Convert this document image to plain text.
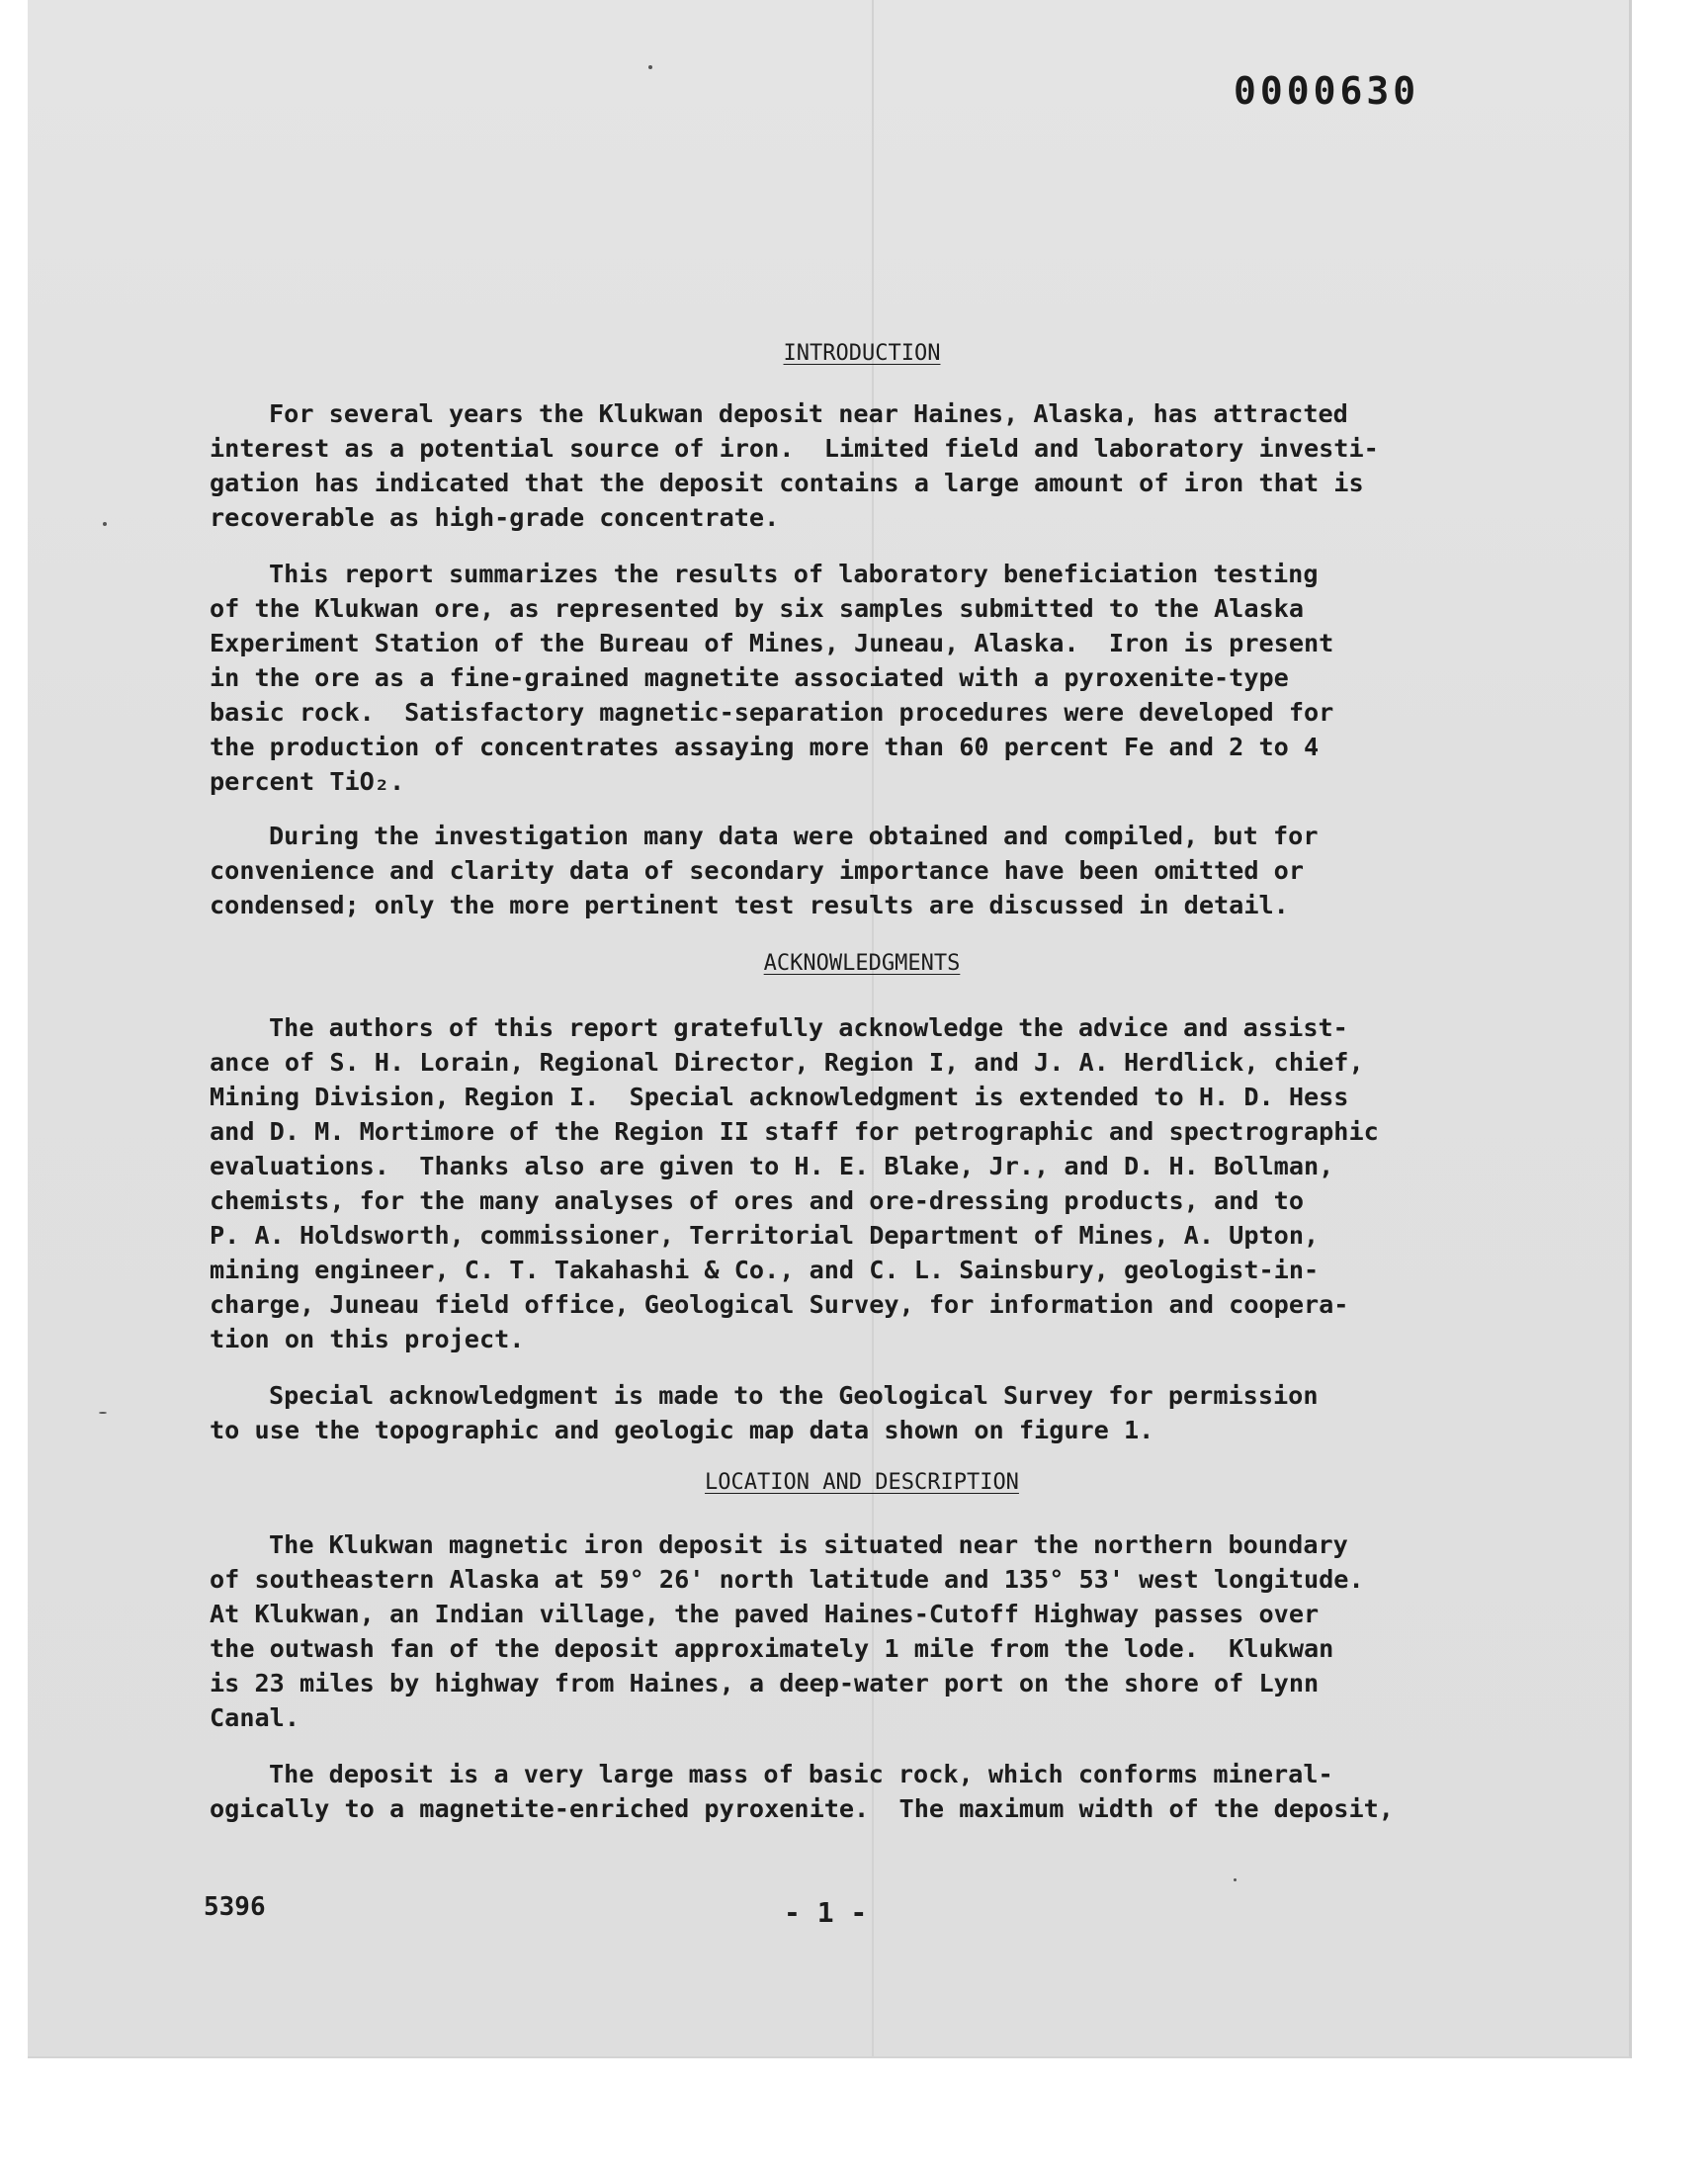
0000630

INTRODUCTION

For several years the Klukwan deposit near Haines, Alaska, has attracted
interest as a potential source of iron.  Limited field and laboratory investi-
gation has indicated that the deposit contains a large amount of iron that is
recoverable as high-grade concentrate.
This report summarizes the results of laboratory beneficiation testing
of the Klukwan ore, as represented by six samples submitted to the Alaska
Experiment Station of the Bureau of Mines, Juneau, Alaska.  Iron is present
in the ore as a fine-grained magnetite associated with a pyroxenite-type
basic rock.  Satisfactory magnetic-separation procedures were developed for
the production of concentrates assaying more than 60 percent Fe and 2 to 4
percent TiO₂.
During the investigation many data were obtained and compiled, but for
convenience and clarity data of secondary importance have been omitted or
condensed; only the more pertinent test results are discussed in detail.

ACKNOWLEDGMENTS

The authors of this report gratefully acknowledge the advice and assist-
ance of S. H. Lorain, Regional Director, Region I, and J. A. Herdlick, chief,
Mining Division, Region I.  Special acknowledgment is extended to H. D. Hess
and D. M. Mortimore of the Region II staff for petrographic and spectrographic
evaluations.  Thanks also are given to H. E. Blake, Jr., and D. H. Bollman,
chemists, for the many analyses of ores and ore-dressing products, and to
P. A. Holdsworth, commissioner, Territorial Department of Mines, A. Upton,
mining engineer, C. T. Takahashi & Co., and C. L. Sainsbury, geologist-in-
charge, Juneau field office, Geological Survey, for information and coopera-
tion on this project.
Special acknowledgment is made to the Geological Survey for permission
to use the topographic and geologic map data shown on figure 1.

LOCATION AND DESCRIPTION

The Klukwan magnetic iron deposit is situated near the northern boundary
of southeastern Alaska at 59° 26' north latitude and 135° 53' west longitude.
At Klukwan, an Indian village, the paved Haines-Cutoff Highway passes over
the outwash fan of the deposit approximately 1 mile from the lode.  Klukwan
is 23 miles by highway from Haines, a deep-water port on the shore of Lynn
Canal.
The deposit is a very large mass of basic rock, which conforms mineral-
ogically to a magnetite-enriched pyroxenite.  The maximum width of the deposit,
5396	- 1 -
